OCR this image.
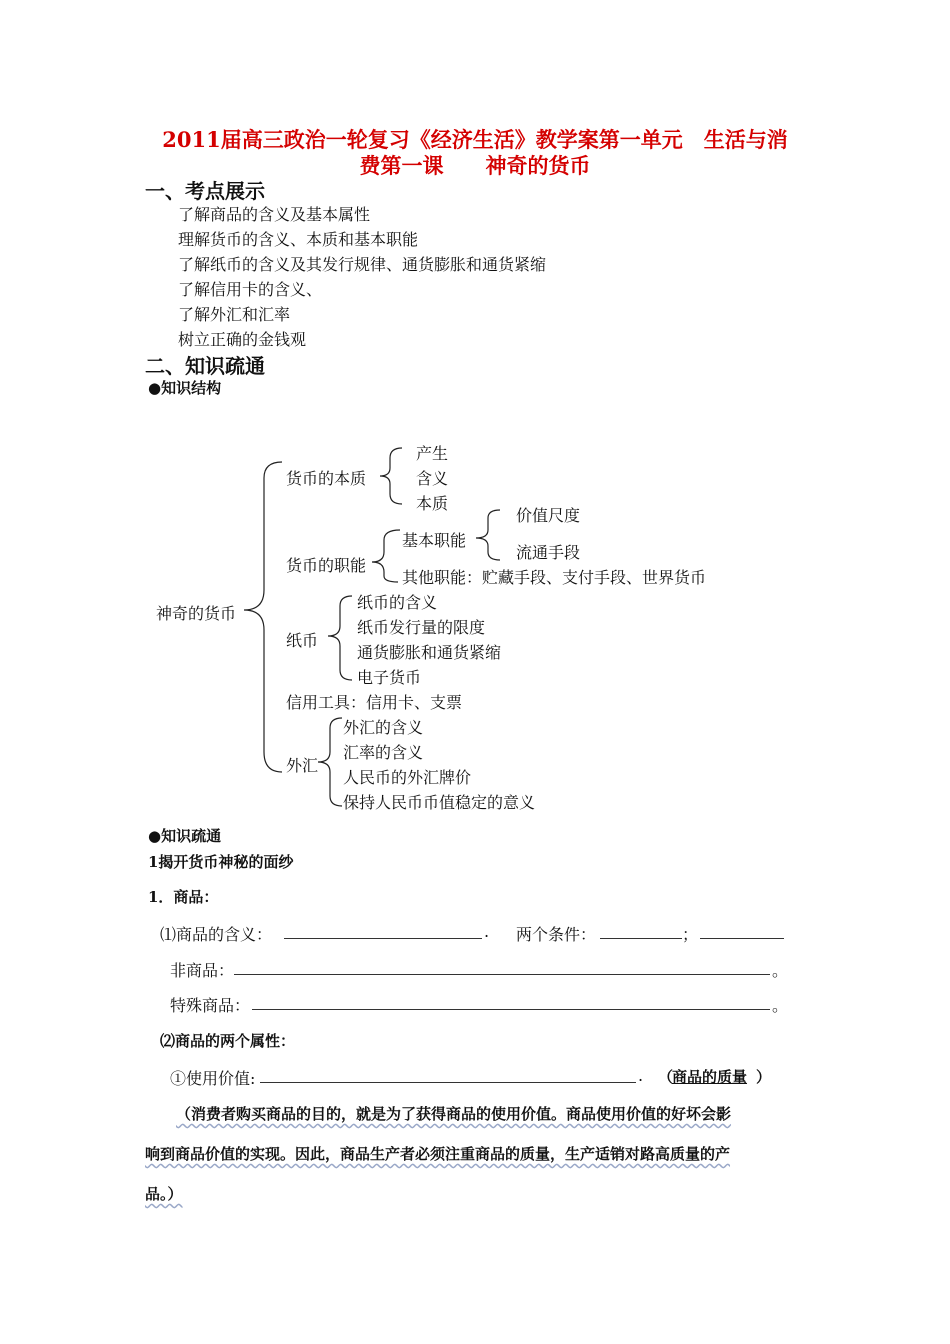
2011届高三政治一轮复习《经济生活》教学案第一单元　生活与消
费第一课　　神奇的货币
一、考点展示
了解商品的含义及基本属性
理解货币的含义、本质和基本职能
了解纸币的含义及其发行规律、通货膨胀和通货紧缩
了解信用卡的含义、
了解外汇和汇率
树立正确的金钱观
二、知识疏通
●知识结构
神奇的货币
货币的本质
产生
含义
本质
货币的职能
基本职能
价值尺度
流通手段
其他职能：贮藏手段、支付手段、世界货币
纸币
纸币的含义
纸币发行量的限度
通货膨胀和通货紧缩
电子货币
信用工具：信用卡、支票
外汇
外汇的含义
汇率的含义
人民币的外汇牌价
保持人民币币值稳定的意义
●知识疏通
1揭开货币神秘的面纱
1．商品：
⑴商品的含义：	. 两个条件：	；
非商品：	。
特殊商品：	。
⑵商品的两个属性：
①使用价值:	. （
商品的质量 ）
（消费者购买商品的目的，就是为了获得商品的使用价值。商品使用价值的好坏会影
响到商品价值的实现。因此，商品生产者必须注重商品的质量，生产适销对路高质量的产
品。）
